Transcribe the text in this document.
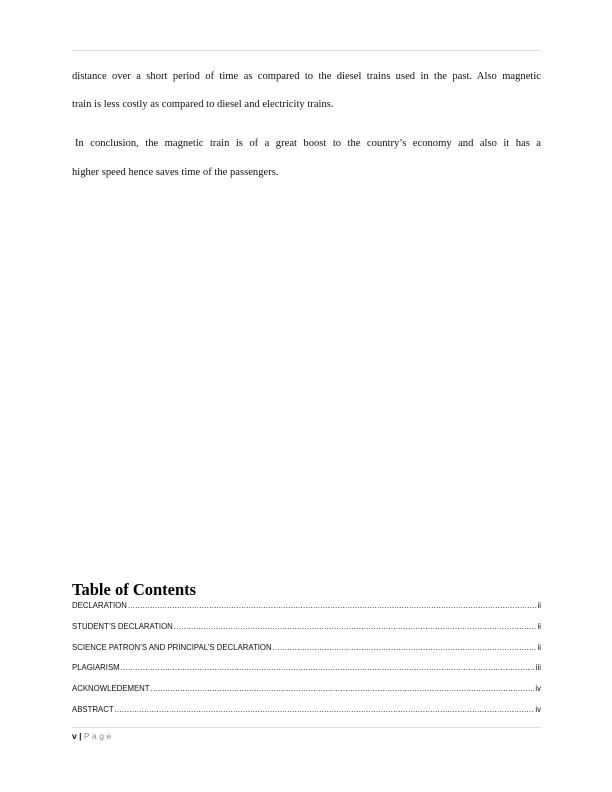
distance over a short period of time as compared to the diesel trains used in the past. Also magnetic
train is less costly as compared to diesel and electricity trains.
In conclusion, the magnetic train is of a great boost to the country’s economy and also it has a
higher speed hence saves time of the passengers.
Table of Contents
DECLARATION .....	ii
STUDENT’S DECLARATION .....	ii
SCIENCE PATRON’S AND PRINCIPAL’S DECLARATION .....	ii
PLAGIARISM .....	iii
ACKNOWLEDEMENT .....	iv
ABSTRACT .....	iv
v | Page
